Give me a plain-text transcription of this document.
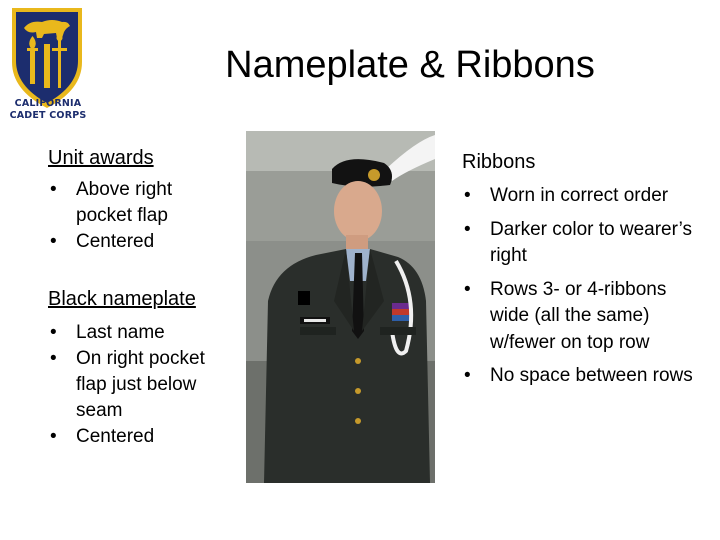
CALIFORNIA
CADET CORPS
Nameplate & Ribbons
Unit awards
• Above right pocket flap
• Centered
Black nameplate
• Last name
• On right pocket flap just below seam
• Centered
Ribbons
• Worn in correct order
• Darker color to wearer’s right
• Rows 3- or 4-ribbons wide (all the same) w/fewer on top row
• No space between rows
